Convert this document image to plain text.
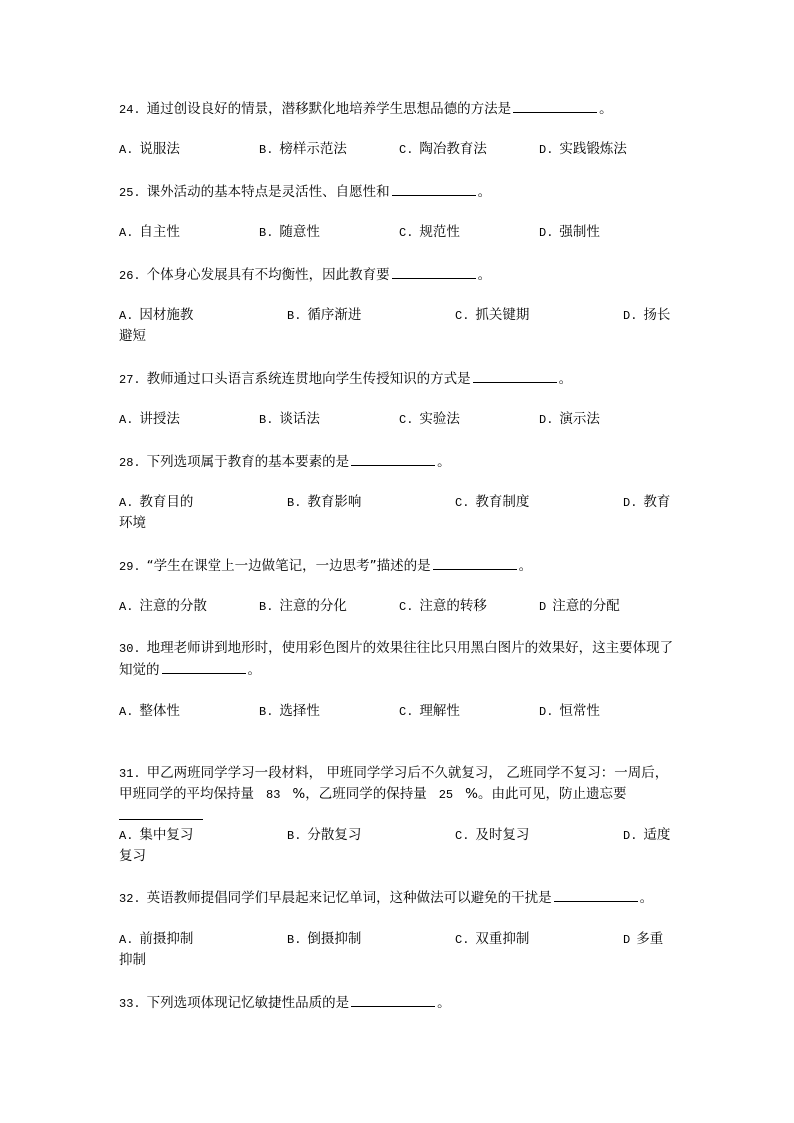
24. 通过创设良好的情景，潜移默化地培养学生思想品德的方法是	。
A. 说服法	B. 榜样示范法	C. 陶冶教育法	D. 实践锻炼法
25. 课外活动的基本特点是灵活性、自愿性和	。
A. 自主性	B. 随意性	C. 规范性	D. 强制性
26. 个体身心发展具有不均衡性，因此教育要	。
A. 因材施教	B. 循序渐进	C. 抓关键期	D. 扬长避短
27. 教师通过口头语言系统连贯地向学生传授知识的方式是	。
A. 讲授法	B. 谈话法	C. 实验法	D. 演示法
28. 下列选项属于教育的基本要素的是	。
A. 教育目的	B. 教育影响	C. 教育制度	D. 教育环境
29. “学生在课堂上一边做笔记，一边思考”描述的是	。
A. 注意的分散	B. 注意的分化	C. 注意的转移	D 注意的分配
30. 地理老师讲到地形时，使用彩色图片的效果往往比只用黑白图片的效果好，这主要体现了知觉的	。
A. 整体性	B. 选择性	C. 理解性	D. 恒常性
31. 甲乙两班同学学习一段材料， 甲班同学学习后不久就复习， 乙班同学不复习：一周后，甲班同学的平均保持量 83 %，乙班同学的保持量 25 %。由此可见，防止遗忘要
A. 集中复习	B. 分散复习	C. 及时复习	D. 适度复习
32. 英语教师提倡同学们早晨起来记忆单词，这种做法可以避免的干扰是	。
A. 前摄抑制	B. 倒摄抑制	C. 双重抑制	D 多重抑制
33. 下列选项体现记忆敏捷性品质的是	。
